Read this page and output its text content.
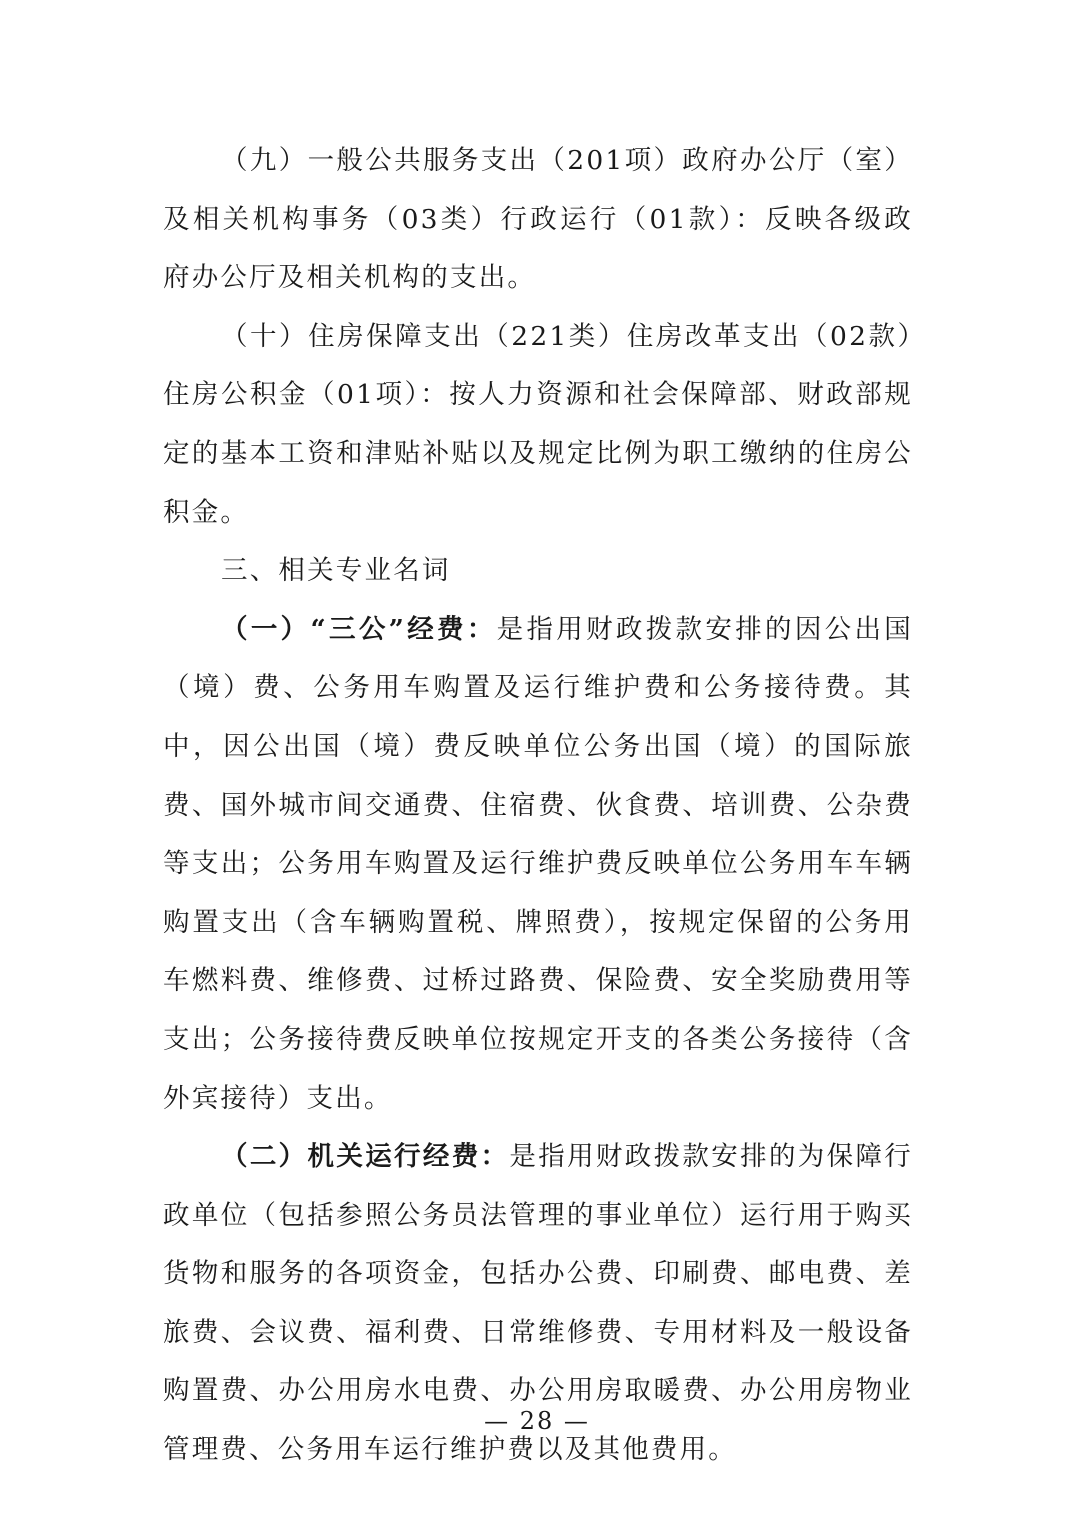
（九）一般公共服务支出（201项）政府办公厅（室）及相关机构事务（03类）行政运行（01款）：反映各级政府办公厅及相关机构的支出。

（十）住房保障支出（221类）住房改革支出（02款）住房公积金（01项）：按人力资源和社会保障部、财政部规定的基本工资和津贴补贴以及规定比例为职工缴纳的住房公积金。

三、相关专业名词

（一）“三公”经费：是指用财政拨款安排的因公出国（境）费、公务用车购置及运行维护费和公务接待费。其中，因公出国（境）费反映单位公务出国（境）的国际旅费、国外城市间交通费、住宿费、伙食费、培训费、公杂费等支出；公务用车购置及运行维护费反映单位公务用车车辆购置支出（含车辆购置税、牌照费），按规定保留的公务用车燃料费、维修费、过桥过路费、保险费、安全奖励费用等支出；公务接待费反映单位按规定开支的各类公务接待（含外宾接待）支出。

（二）机关运行经费：是指用财政拨款安排的为保障行政单位（包括参照公务员法管理的事业单位）运行用于购买货物和服务的各项资金，包括办公费、印刷费、邮电费、差旅费、会议费、福利费、日常维修费、专用材料及一般设备购置费、办公用房水电费、办公用房取暖费、办公用房物业管理费、公务用车运行维护费以及其他费用。

— 28 —
